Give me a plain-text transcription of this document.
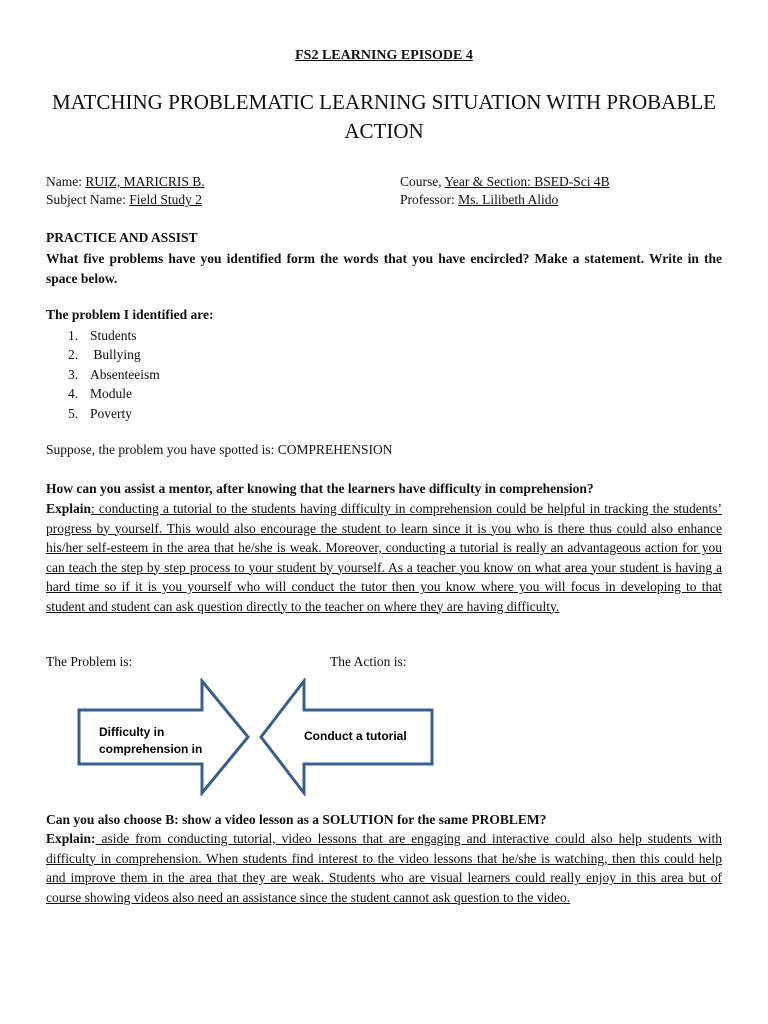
FS2 LEARNING EPISODE 4
MATCHING PROBLEMATIC LEARNING SITUATION WITH PROBABLE ACTION
Name: RUIZ, MARICRIS B.	Course, Year & Section: BSED-Sci 4B
Subject Name: Field Study 2	Professor: Ms. Lilibeth Alido
PRACTICE AND ASSIST
What five problems have you identified form the words that you have encircled? Make a statement. Write in the space below.
The problem I identified are:
1. Students
2. Bullying
3. Absenteeism
4. Module
5. Poverty
Suppose, the problem you have spotted is: COMPREHENSION
How can you assist a mentor, after knowing that the learners have difficulty in comprehension?
Explain: conducting a tutorial to the students having difficulty in comprehension could be helpful in tracking the students’ progress by yourself. This would also encourage the student to learn since it is you who is there thus could also enhance his/her self-esteem in the area that he/she is weak. Moreover, conducting a tutorial is really an advantageous action for you can teach the step by step process to your student by yourself. As a teacher you know on what area your student is having a hard time so if it is you yourself who will conduct the tutor then you know where you will focus in developing to that student and student can ask question directly to the teacher on where they are having difficulty.
The Problem is:	The Action is:
Difficulty in comprehension in
Conduct a tutorial
Can you also choose B: show a video lesson as a SOLUTION for the same PROBLEM?
Explain: aside from conducting tutorial, video lessons that are engaging and interactive could also help students with difficulty in comprehension. When students find interest to the video lessons that he/she is watching, then this could help and improve them in the area that they are weak. Students who are visual learners could really enjoy in this area but of course showing videos also need an assistance since the student cannot ask question to the video.
